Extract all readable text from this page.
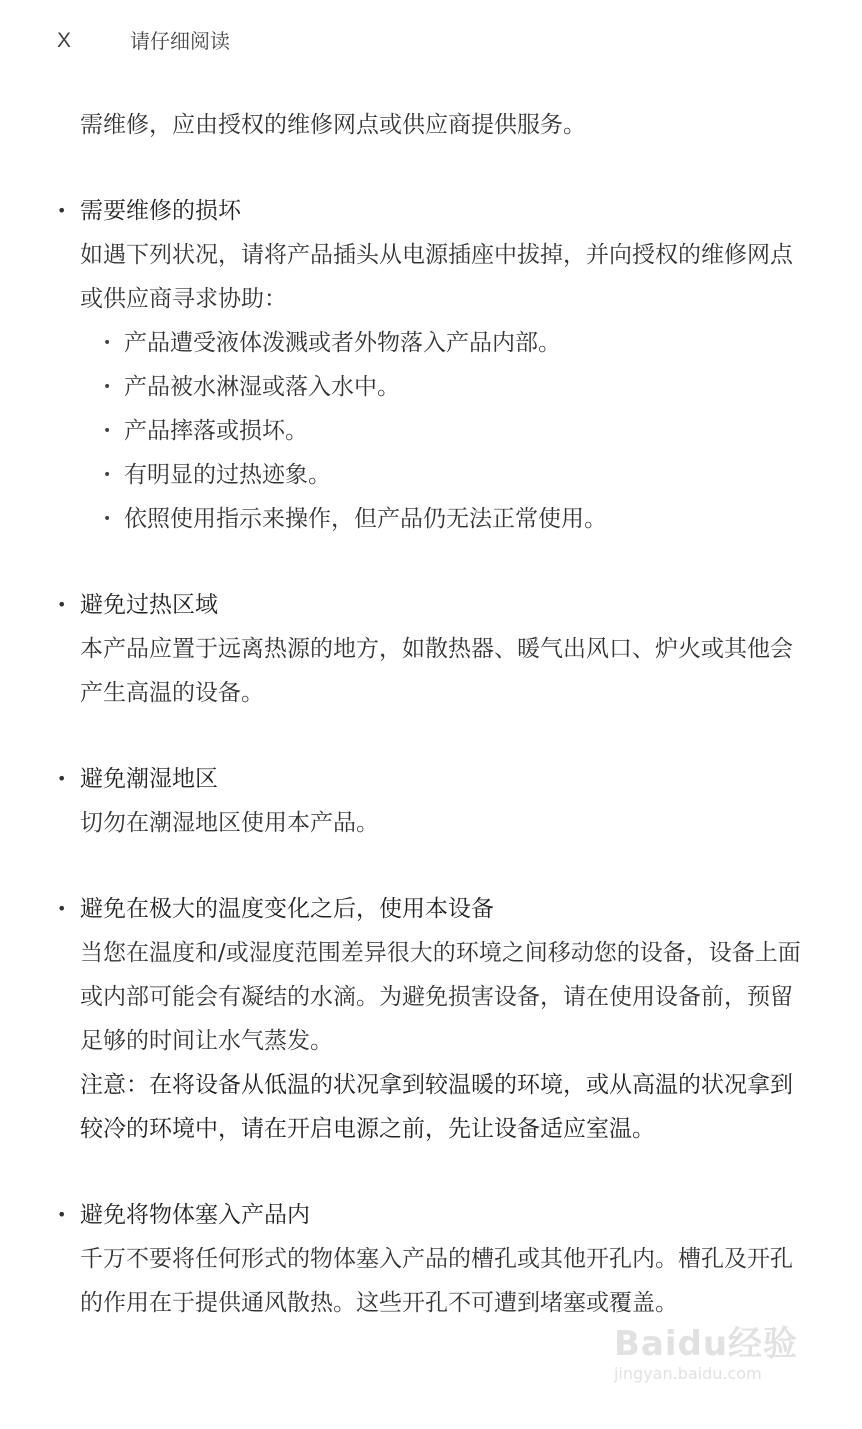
X	请仔细阅读

需维修，应由授权的维修网点或供应商提供服务。

• 需要维修的损坏

如遇下列状况，请将产品插头从电源插座中拔掉，并向授权的维修网点或供应商寻求协助：

• 产品遭受液体泼溅或者外物落入产品内部。
• 产品被水淋湿或落入水中。
• 产品摔落或损坏。
• 有明显的过热迹象。
• 依照使用指示来操作，但产品仍无法正常使用。
• 避免过热区域

本产品应置于远离热源的地方，如散热器、暖气出风口、炉火或其他会产生高温的设备。

• 避免潮湿地区

切勿在潮湿地区使用本产品。

• 避免在极大的温度变化之后，使用本设备

当您在温度和/或湿度范围差异很大的环境之间移动您的设备，设备上面或内部可能会有凝结的水滴。为避免损害设备，请在使用设备前，预留足够的时间让水气蒸发。

注意：在将设备从低温的状况拿到较温暖的环境，或从高温的状况拿到较冷的环境中，请在开启电源之前，先让设备适应室温。

• 避免将物体塞入产品内

千万不要将任何形式的物体塞入产品的槽孔或其他开孔内。槽孔及开孔的作用在于提供通风散热。这些开孔不可遭到堵塞或覆盖。

Baidu经验
jingyan.baidu.com
